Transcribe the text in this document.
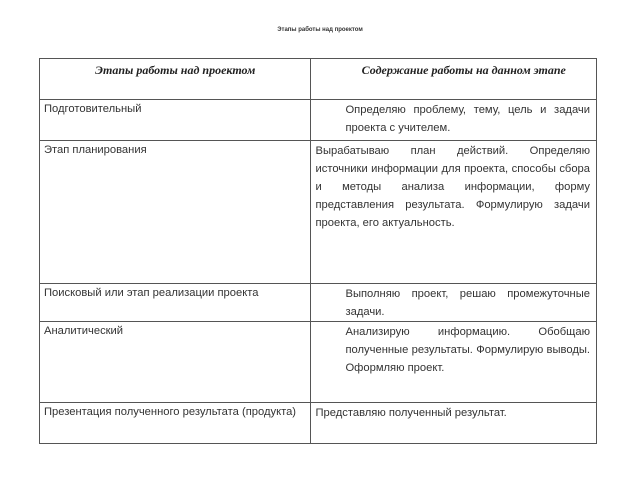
Этапы работы над проектом
Этапы работы над проектом	Содержание работы на данном этапе

Подготовительный	Определяю проблему, тему, цель и задачи проекта с учителем.

Этап планирования	Вырабатываю план действий. Определяю источники информации для проекта, способы сбора и методы анализа информации, форму представления результата. Формулирую задачи проекта, его актуальность.

Поисковый или этап реализации проекта	Выполняю проект, решаю промежуточные задачи.

Аналитический	Анализирую информацию. Обобщаю полученные результаты. Формулирую выводы. Оформляю проект.

Презентация полученного результата (продукта)	Представляю полученный результат.
